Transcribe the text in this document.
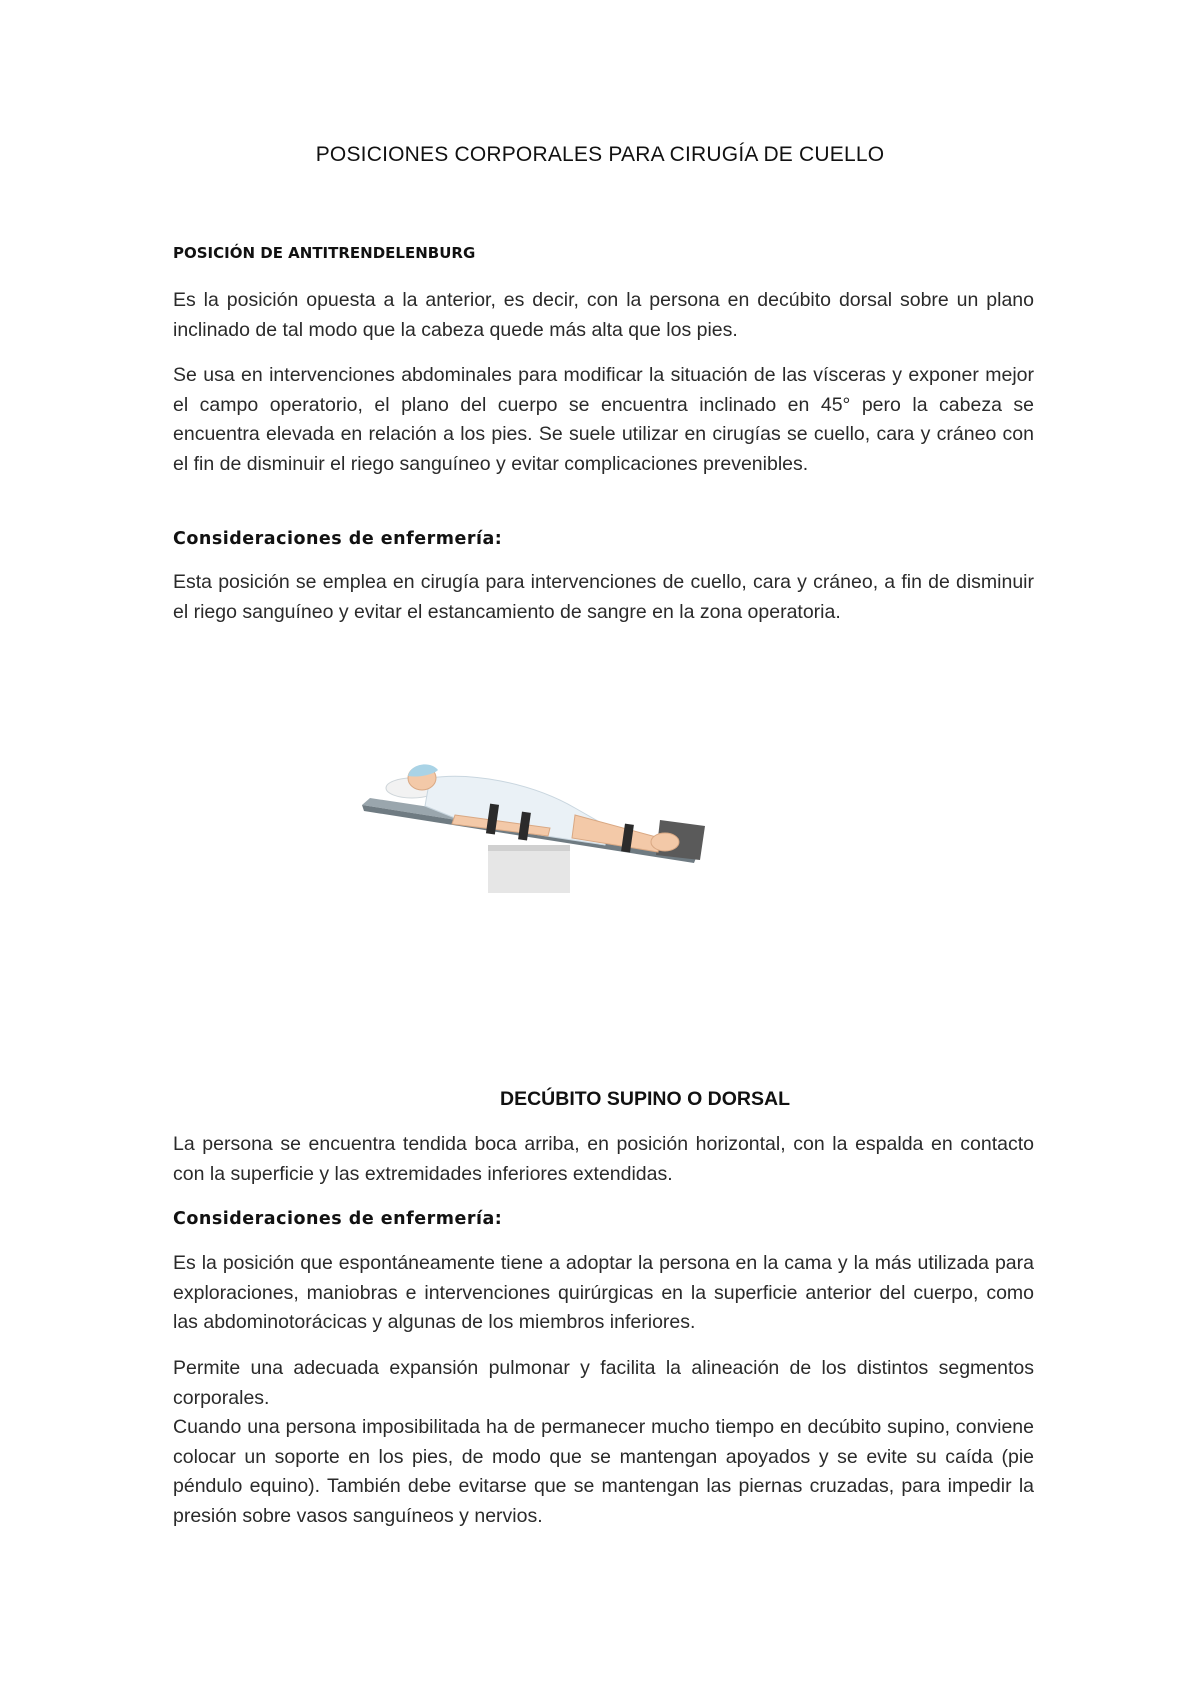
POSICIONES CORPORALES PARA CIRUGÍA DE CUELLO
POSICIÓN DE ANTITRENDELENBURG

Es la posición opuesta a la anterior, es decir, con la persona en decúbito dorsal sobre un plano inclinado de tal modo que la cabeza quede más alta que los pies.

Se usa en intervenciones abdominales para modificar la situación de las vísceras y exponer mejor el campo operatorio, el plano del cuerpo se encuentra inclinado en 45° pero la cabeza se encuentra elevada en relación a los pies. Se suele utilizar en cirugías se cuello, cara y cráneo con el fin de disminuir el riego sanguíneo y evitar complicaciones prevenibles.

Consideraciones de enfermería:

Esta posición se emplea en cirugía para intervenciones de cuello, cara y cráneo, a fin de disminuir el riego sanguíneo y evitar el estancamiento de sangre en la zona operatoria.

DECÚBITO SUPINO O DORSAL

La persona se encuentra tendida boca arriba, en posición horizontal, con la espalda en contacto con la superficie y las extremidades inferiores extendidas.

Consideraciones de enfermería:

Es la posición que espontáneamente tiene a adoptar la persona en la cama y la más utilizada para exploraciones, maniobras e intervenciones quirúrgicas en la superficie anterior del cuerpo, como las abdominotorácicas y algunas de los miembros inferiores.

Permite una adecuada expansión pulmonar y facilita la alineación de los distintos segmentos corporales.

Cuando una persona imposibilitada ha de permanecer mucho tiempo en decúbito supino, conviene colocar un soporte en los pies, de modo que se mantengan apoyados y se evite su caída (pie péndulo equino). También debe evitarse que se mantengan las piernas cruzadas, para impedir la presión sobre vasos sanguíneos y nervios.
